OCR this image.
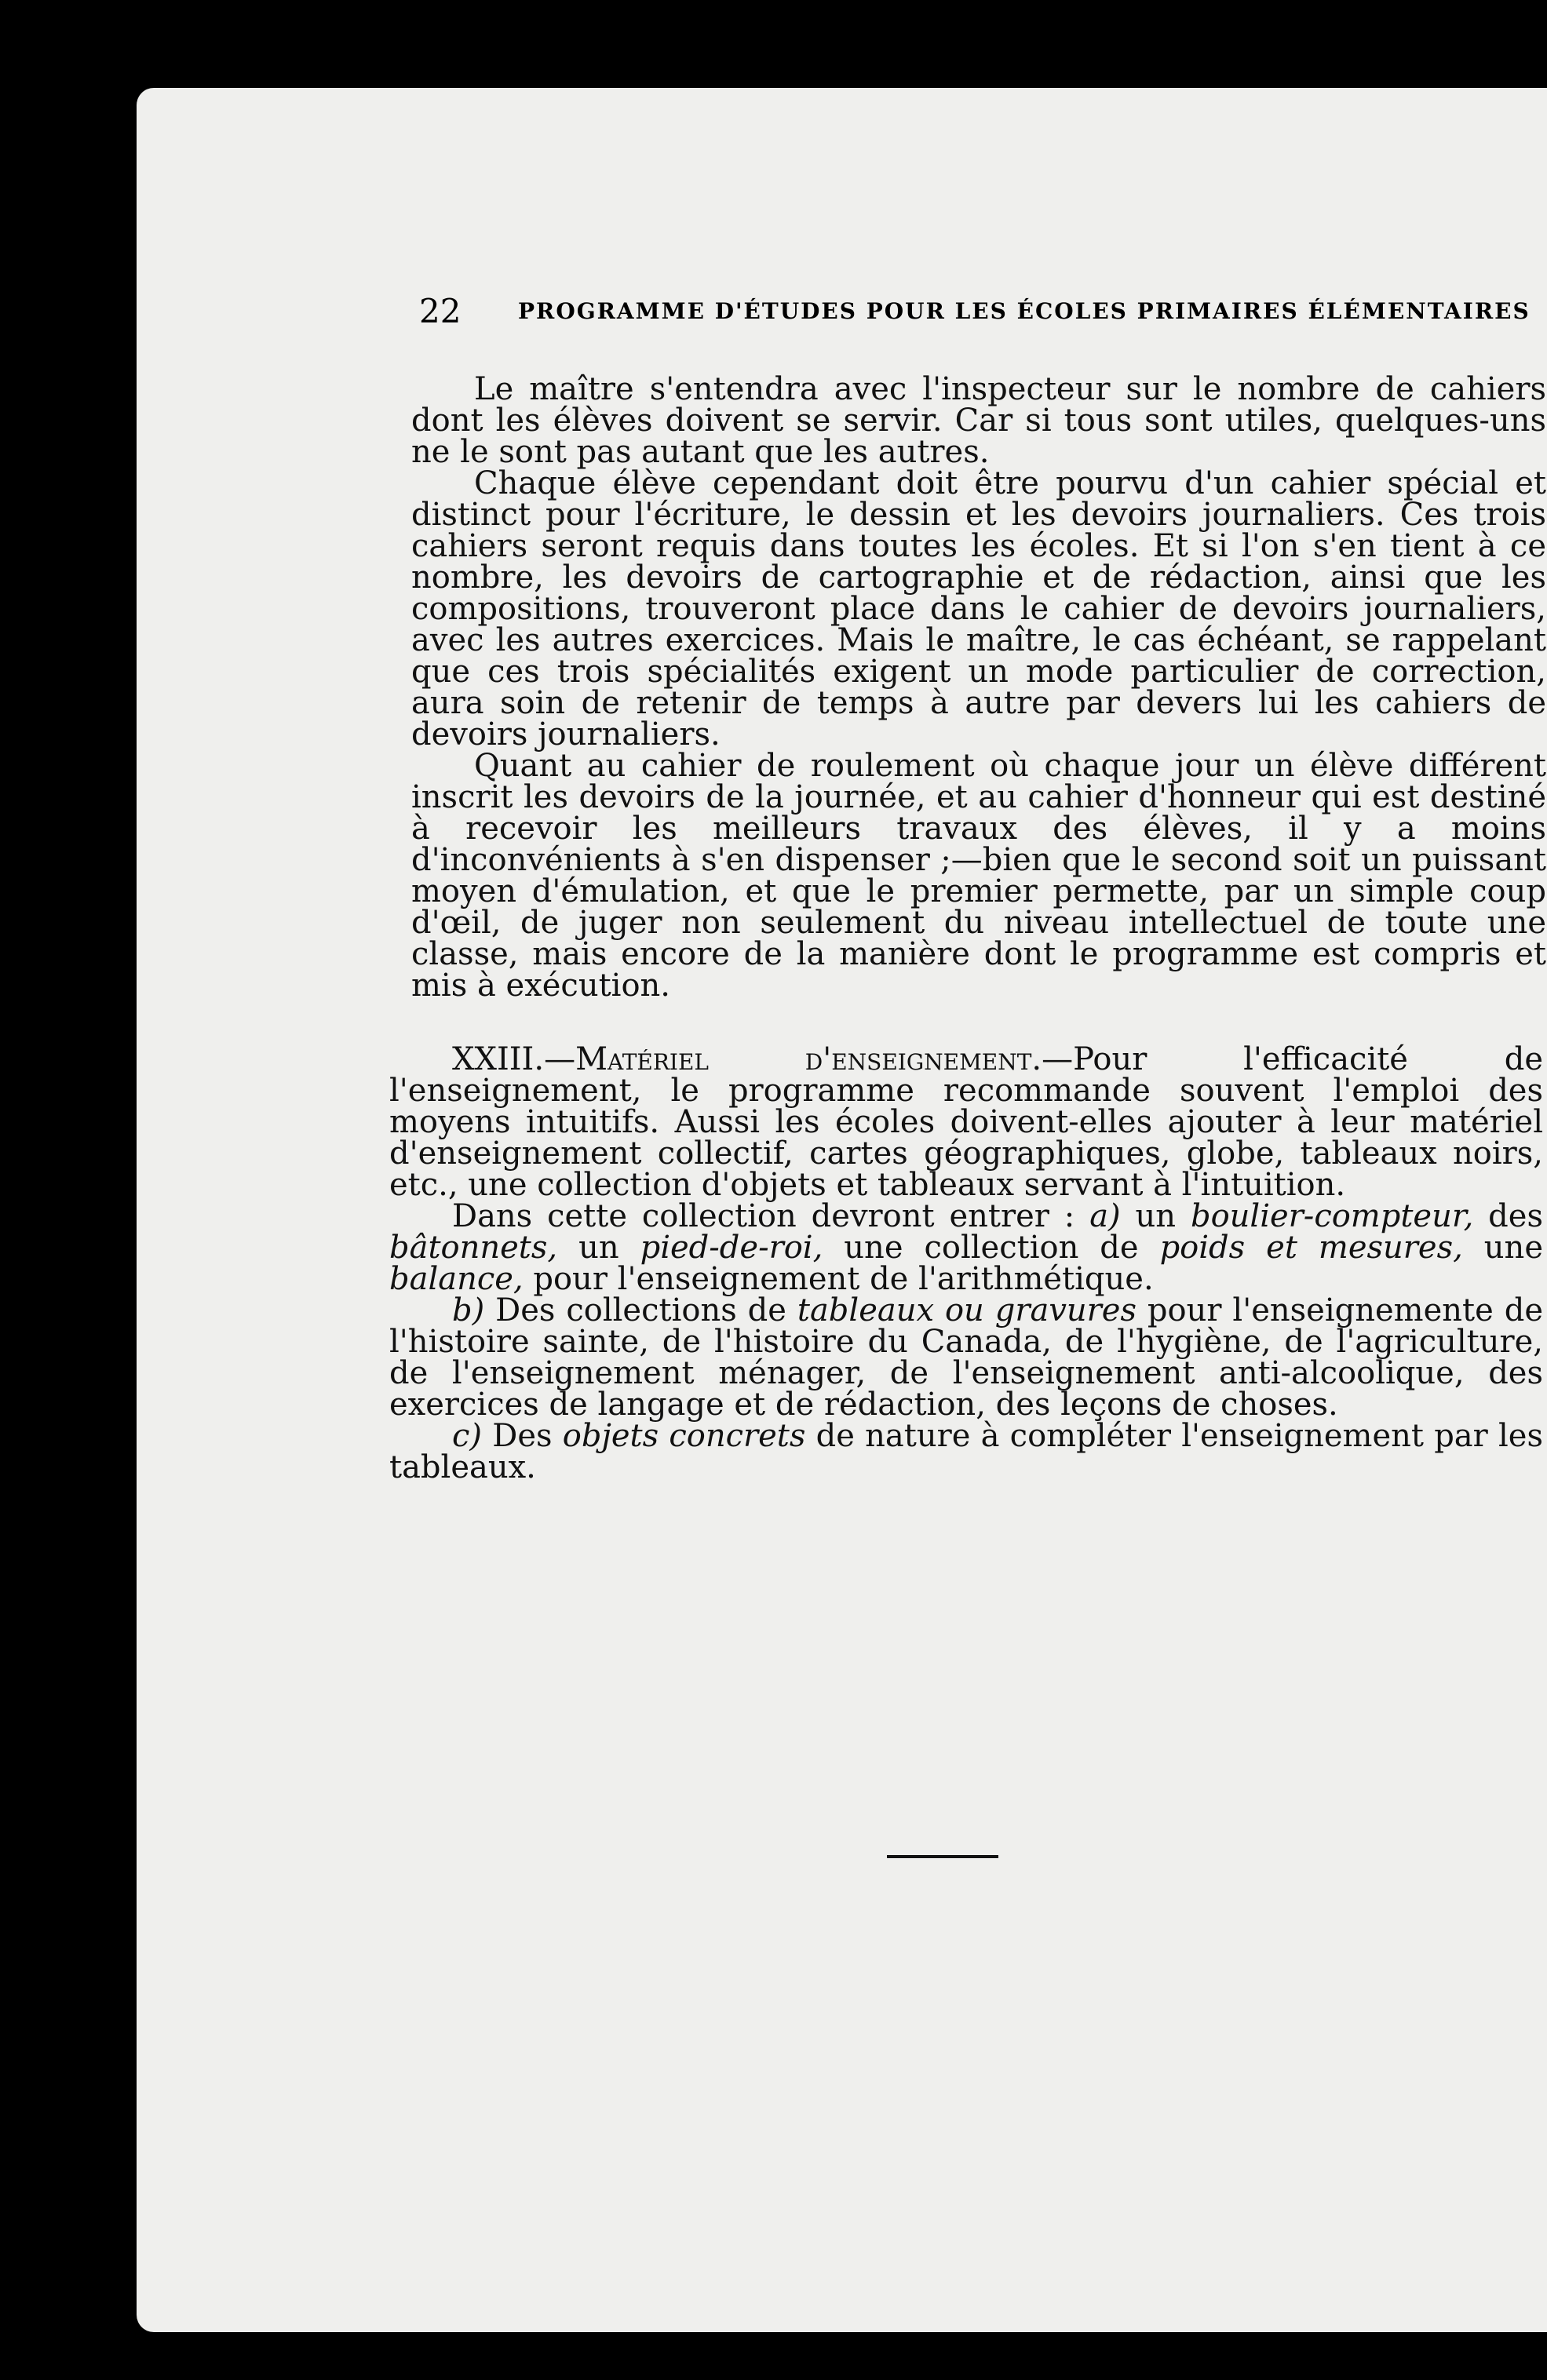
22	PROGRAMME D'ÉTUDES POUR LES ÉCOLES PRIMAIRES ÉLÉMENTAIRES

Le maître s'entendra avec l'inspecteur sur le nombre de cahiers dont les élèves doivent se servir. Car si tous sont utiles, quelques-uns ne le sont pas autant que les autres.

Chaque élève cependant doit être pourvu d'un cahier spécial et distinct pour l'écriture, le dessin et les devoirs journaliers. Ces trois cahiers seront requis dans toutes les écoles. Et si l'on s'en tient à ce nombre, les devoirs de cartographie et de rédaction, ainsi que les compositions, trouveront place dans le cahier de devoirs journaliers, avec les autres exercices. Mais le maître, le cas échéant, se rappelant que ces trois spécialités exigent un mode particulier de correction, aura soin de retenir de temps à autre par devers lui les cahiers de devoirs journaliers.

Quant au cahier de roulement où chaque jour un élève différent inscrit les devoirs de la journée, et au cahier d'honneur qui est destiné à recevoir les meilleurs travaux des élèves, il y a moins d'inconvénients à s'en dispenser ;—bien que le second soit un puissant moyen d'émulation, et que le premier permette, par un simple coup d'œil, de juger non seulement du niveau intellectuel de toute une classe, mais encore de la manière dont le programme est compris et mis à exécution.

XXIII.—Matériel d'enseignement.—Pour l'efficacité de l'enseignement, le programme recommande souvent l'emploi des moyens intuitifs. Aussi les écoles doivent-elles ajouter à leur matériel d'enseignement collectif, cartes géographiques, globe, tableaux noirs, etc., une collection d'objets et tableaux servant à l'intuition.

Dans cette collection devront entrer : a) un boulier-compteur, des bâtonnets, un pied-de-roi, une collection de poids et mesures, une balance, pour l'enseignement de l'arithmétique.

b) Des collections de tableaux ou gravures pour l'enseignemente de l'histoire sainte, de l'histoire du Canada, de l'hygiène, de l'agriculture, de l'enseignement ménager, de l'enseignement anti-alcoolique, des exercices de langage et de rédaction, des leçons de choses.

c) Des objets concrets de nature à compléter l'enseignement par les tableaux.
